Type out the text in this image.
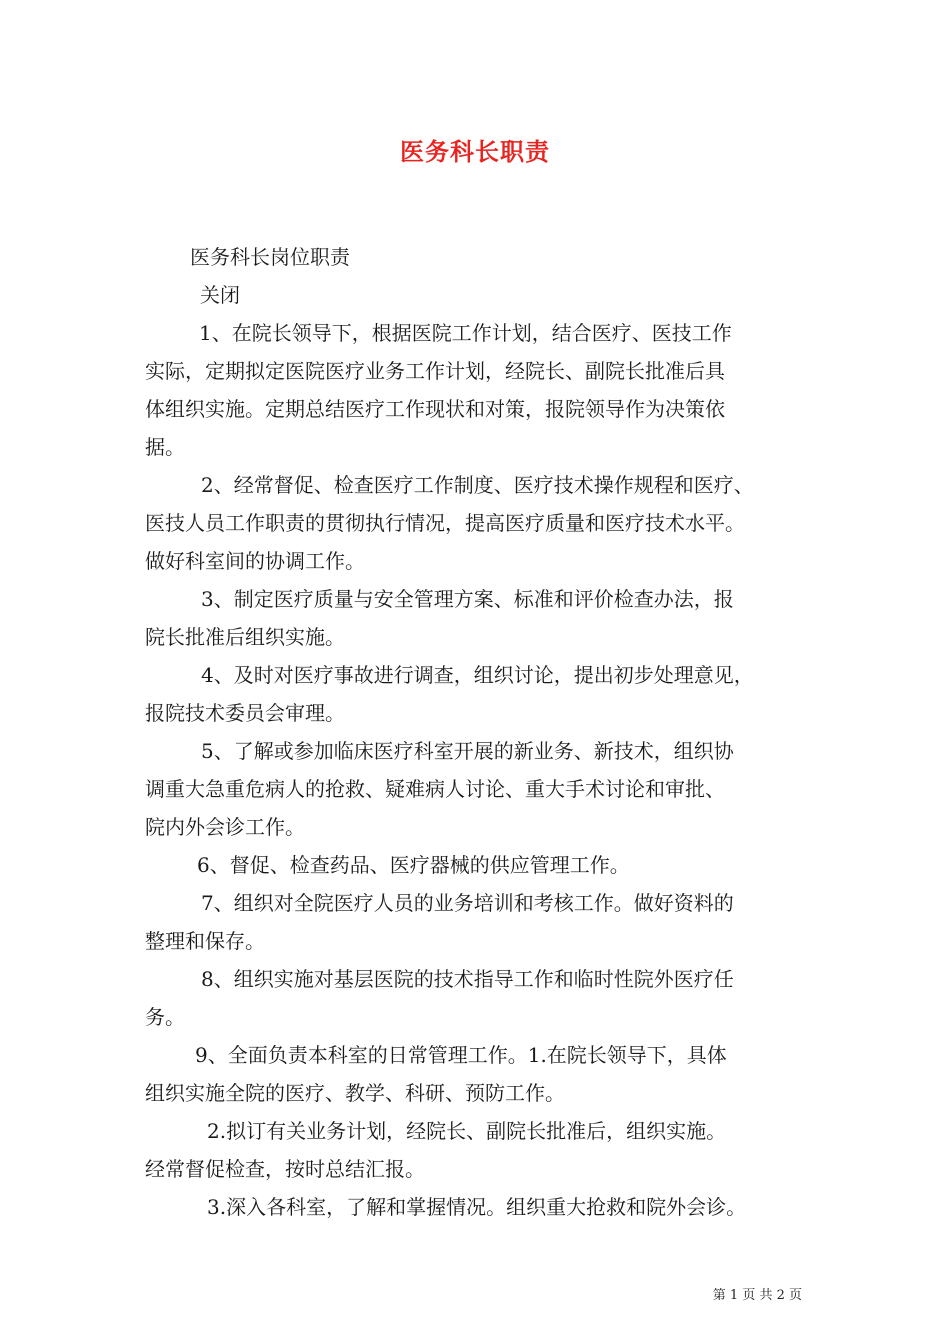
医务科长职责
医务科长岗位职责
关闭
1、在院长领导下，根据医院工作计划，结合医疗、医技工作
实际，定期拟定医院医疗业务工作计划，经院长、副院长批准后具
体组织实施。定期总结医疗工作现状和对策，报院领导作为决策依
据。
2、经常督促、检查医疗工作制度、医疗技术操作规程和医疗、
医技人员工作职责的贯彻执行情况，提高医疗质量和医疗技术水平。
做好科室间的协调工作。
3、制定医疗质量与安全管理方案、标准和评价检查办法，报
院长批准后组织实施。
4、及时对医疗事故进行调查，组织讨论，提出初步处理意见，
报院技术委员会审理。
5、了解或参加临床医疗科室开展的新业务、新技术，组织协
调重大急重危病人的抢救、疑难病人讨论、重大手术讨论和审批、
院内外会诊工作。
6、督促、检查药品、医疗器械的供应管理工作。
7、组织对全院医疗人员的业务培训和考核工作。做好资料的
整理和保存。
8、组织实施对基层医院的技术指导工作和临时性院外医疗任
务。
9、全面负责本科室的日常管理工作。1.在院长领导下，具体
组织实施全院的医疗、教学、科研、预防工作。
2.拟订有关业务计划，经院长、副院长批准后，组织实施。
经常督促检查，按时总结汇报。
3.深入各科室，了解和掌握情况。组织重大抢救和院外会诊。
第 1 页 共 2 页
